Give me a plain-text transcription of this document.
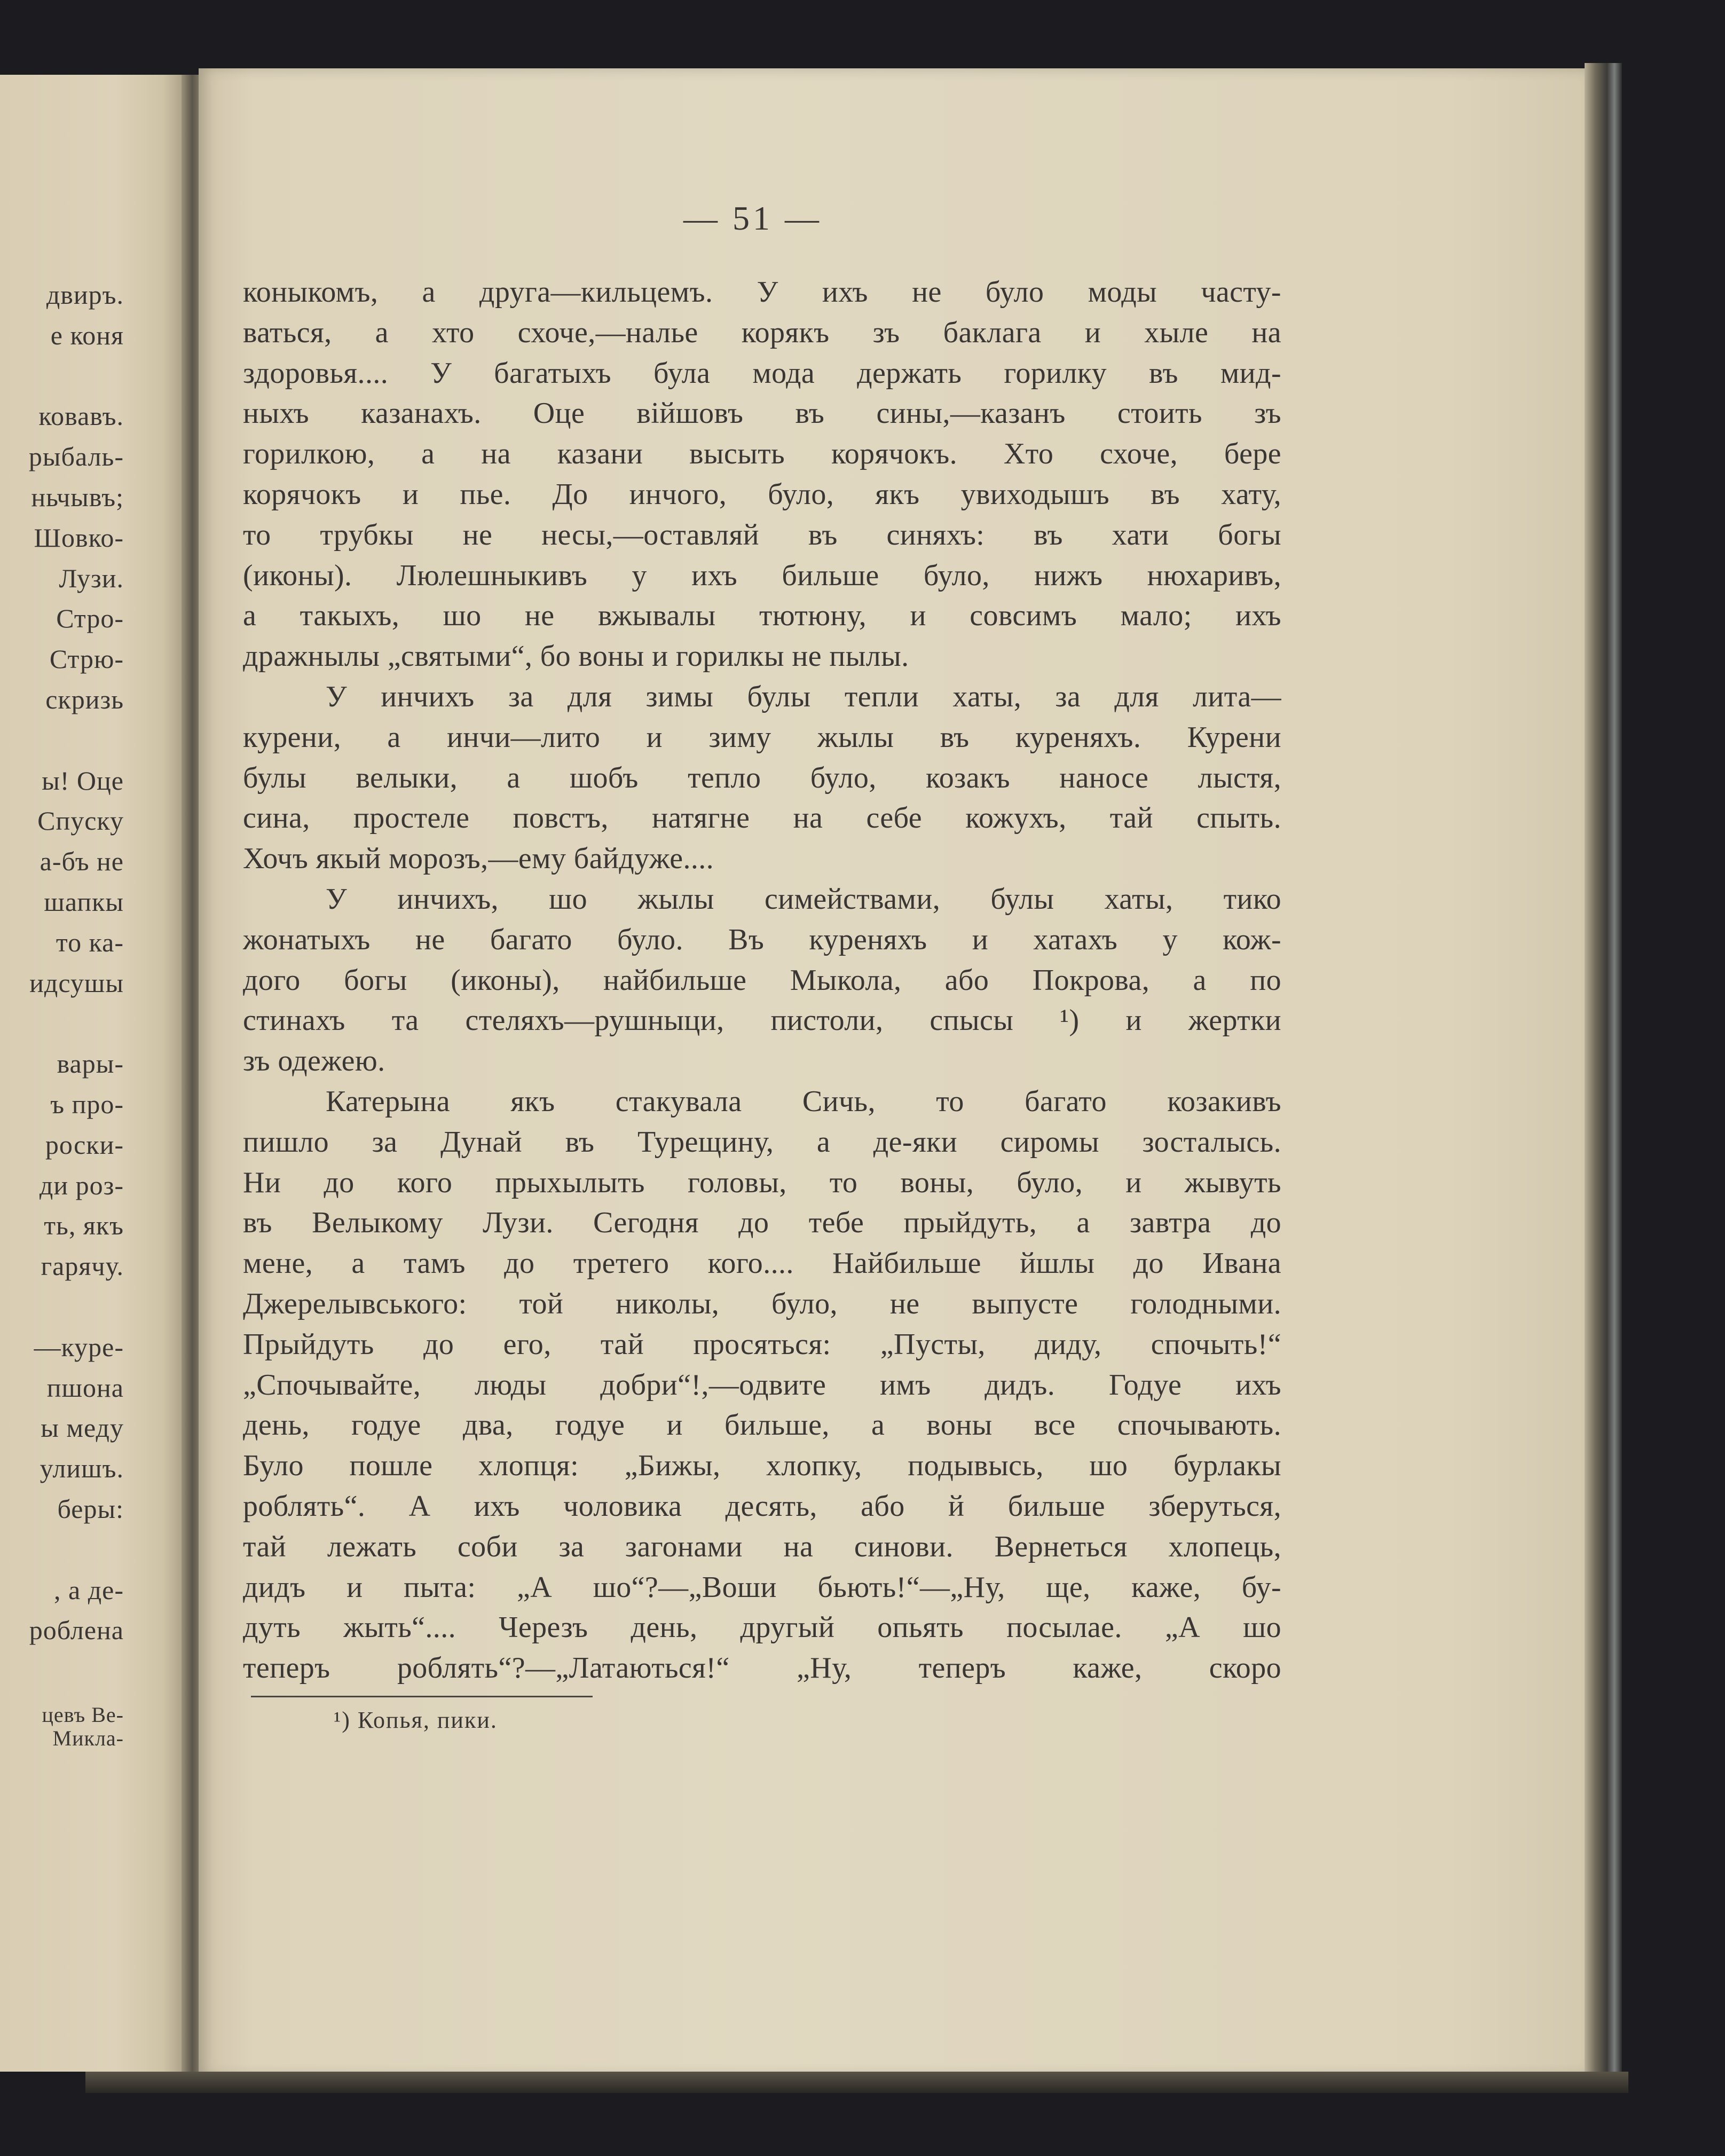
двиръ.
е коня
ковавъ.
рыбаль-
ньчывъ;
Шовко-
Лузи.
Стро-
Стрю-
скризь
ы! Оце
Спуску
а-бъ не
шапкы
то ка-
идсушы
вары-
ъ про-
роски-
ди роз-
ть, якъ
гарячу.
—куре-
пшона
ы меду
улишъ.
беры:
, а де-
роблена
цевъ Ве-
Микла-
— 51 —
коныкомъ, а друга—кильцемъ. У ихъ не було моды часту-
ваться, а хто схоче,—налье корякъ зъ баклага и хыле на
здоровья.... У багатыхъ була мода держать горилку въ мид-
ныхъ казанахъ. Оце війшовъ въ сины,—казанъ стоить зъ
горилкою, а на казани высыть корячокъ. Хто схоче, бере
корячокъ и пье. До инчого, було, якъ увиходышъ въ хату,
то трубкы не несы,—оставляй въ синяхъ: въ хати богы
(иконы). Люлешныкивъ у ихъ бильше було, нижъ нюхаривъ,
а такыхъ, шо не вжывалы тютюну, и совсимъ мало; ихъ
дражнылы „святыми“, бо воны и горилкы не пылы.
У инчихъ за для зимы булы тепли хаты, за для лита—
курени, а инчи—лито и зиму жылы въ куреняхъ. Курени
булы велыки, а шобъ тепло було, козакъ наносе лыстя,
сина, простеле повстъ, натягне на себе кожухъ, тай спыть.
Хочъ якый морозъ,—ему байдуже....
У инчихъ, шо жылы симействами, булы хаты, тико
жонатыхъ не багато було. Въ куреняхъ и хатахъ у кож-
дого богы (иконы), найбильше Мыкола, або Покрова, а по
стинахъ та стеляхъ—рушныци, пистоли, спысы ¹) и жертки
зъ одежею.
Катерына якъ стакувала Сичь, то багато козакивъ
пишло за Дунай въ Турещину, а де-яки сиромы зосталысь.
Ни до кого прыхылыть головы, то воны, було, и жывуть
въ Велыкому Лузи. Сегодня до тебе прыйдуть, а завтра до
мене, а тамъ до третего кого.... Найбильше йшлы до Ивана
Джерелывського: той николы, було, не выпусте голодными.
Прыйдуть до его, тай просяться: „Пусты, диду, спочыть!“
„Спочывайте, люды добри“!,—одвите имъ дидъ. Годуе ихъ
день, годуе два, годуе и бильше, а воны все спочывають.
Було пошле хлопця: „Бижы, хлопку, подывысь, шо бурлакы
роблять“. А ихъ чоловика десять, або й бильше зберуться,
тай лежать соби за загонами на синови. Вернеться хлопець,
дидъ и пыта: „А шо“?—„Воши бьють!“—„Ну, ще, каже, бу-
дуть жыть“.... Черезъ день, другый опьять посылае. „А шо
теперъ роблять“?—„Латаються!“ „Ну, теперъ каже, скоро
¹) Копья, пики.
